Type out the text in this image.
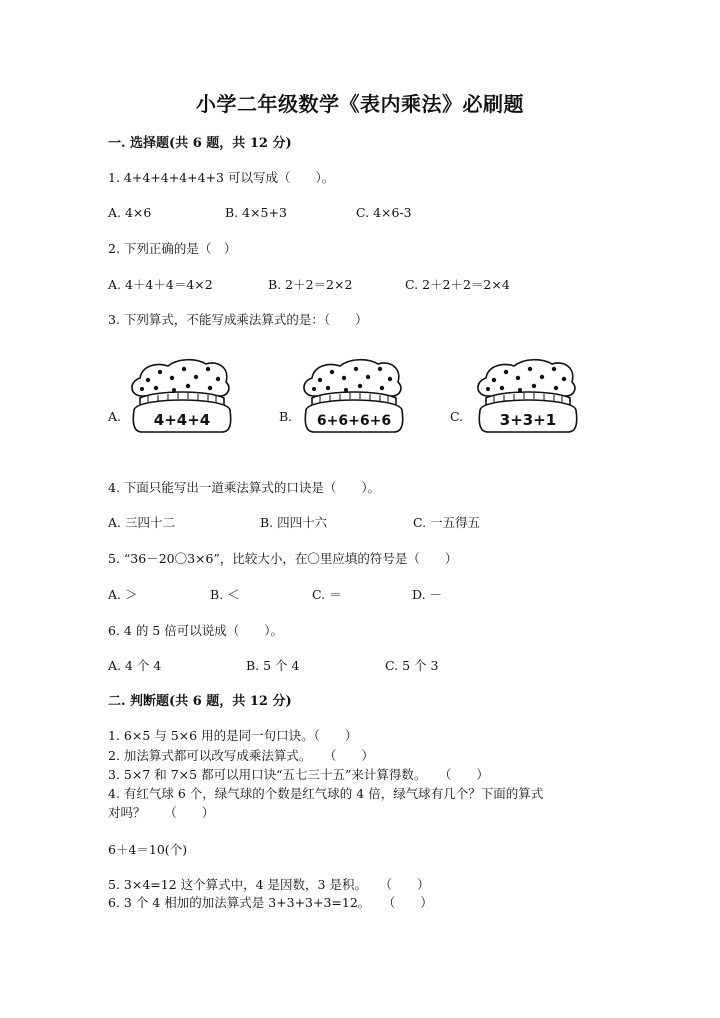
小学二年级数学《表内乘法》必刷题
一. 选择题(共 6 题，共 12 分)
1. 4+4+4+4+4+3 可以写成（　　）。
A. 4×6	B. 4×5+3	C. 4×6-3
2. 下列正确的是（　）
A. 4＋4＋4＝4×2	B. 2＋2＝2×2	C. 2＋2＋2＝2×4
3. 下列算式，不能写成乘法算式的是：（　　）
A.	B.	C.
4+4+4	6+6+6+6	3+3+1
4. 下面只能写出一道乘法算式的口诀是（　　）。
A. 三四十二	B. 四四十六	C. 一五得五
5. “36－20〇3×6”，比较大小，在〇里应填的符号是（　　）
A. ＞	B. ＜	C. ＝	D. －
6. 4 的 5 倍可以说成（　　）。
A. 4 个 4	B. 5 个 4	C. 5 个 3
二. 判断题(共 6 题，共 12 分)
1. 6×5 与 5×6 用的是同一句口诀。（　　）
2. 加法算式都可以改写成乘法算式。　　（　　）
3. 5×7 和 7×5 都可以用口诀“五七三十五”来计算得数。　　（　　）
4. 有红气球 6 个，绿气球的个数是红气球的 4 倍，绿气球有几个？下面的算式
对吗？　　（　　）
6＋4＝10(个)
5. 3×4=12 这个算式中，4 是因数，3 是积。　　（　　）
6. 3 个 4 相加的加法算式是 3+3+3+3=12。　　（　　）
